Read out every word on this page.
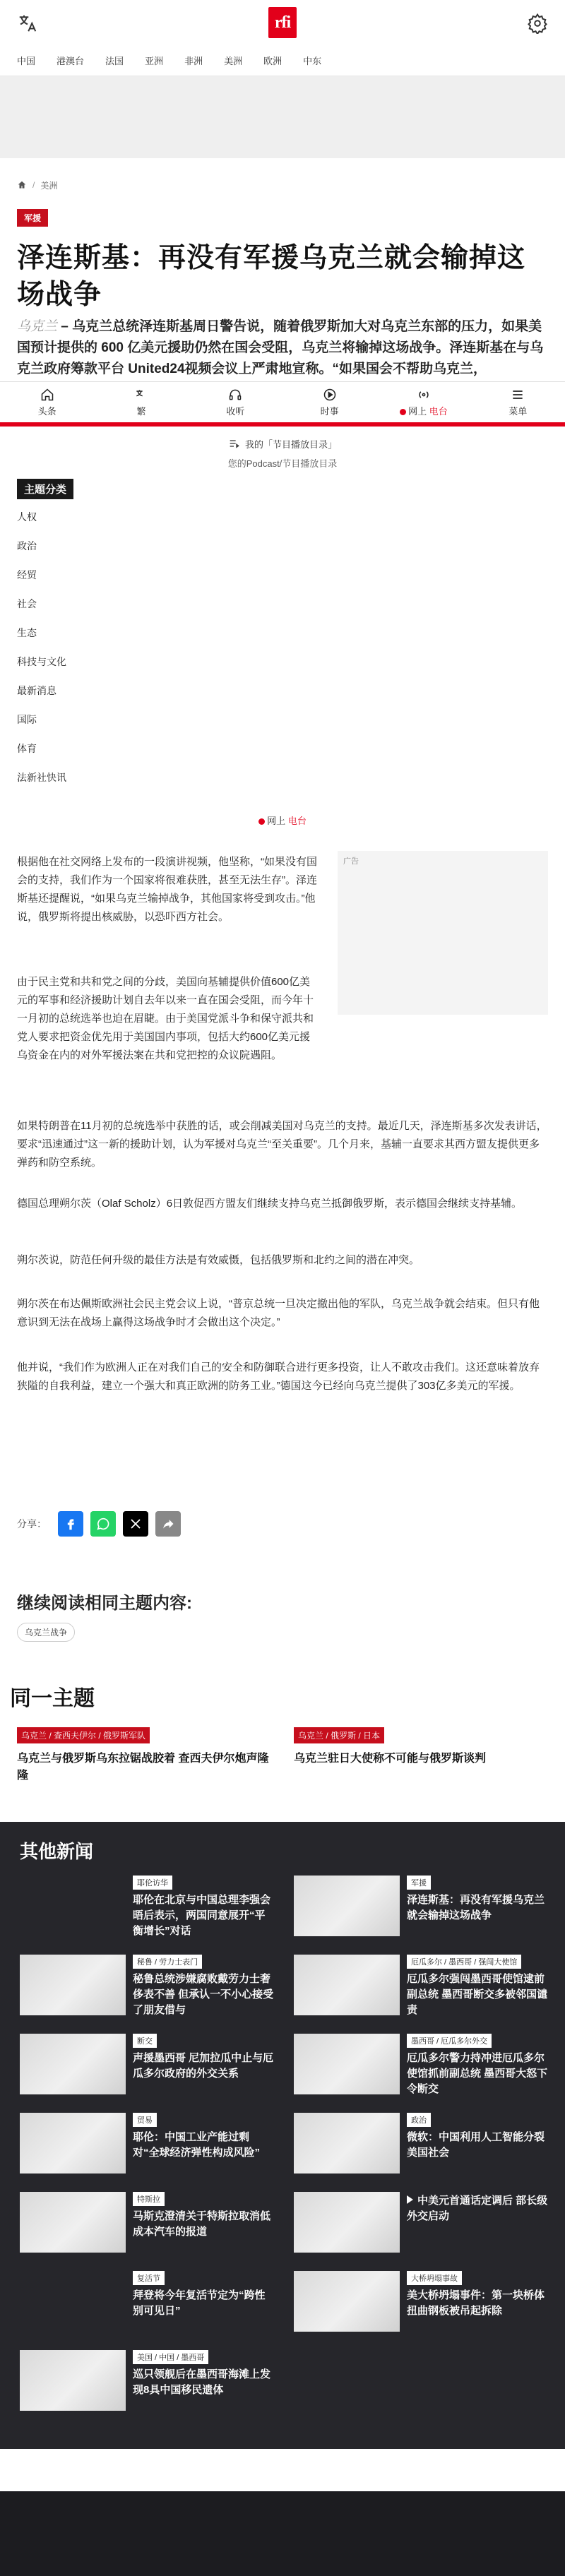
rfi
中国 港澳台 法国 亚洲 非洲 美洲 欧洲 中东
/ 美洲
军援
泽连斯基：再没有军援乌克兰就会输掉这场战争

乌克兰 – 乌克兰总统泽连斯基周日警告说，随着俄罗斯加大对乌克兰东部的压力，如果美国预计提供的 600 亿美元援助仍然在国会受阻，乌克兰将输掉这场战争。泽连斯基在与乌克兰政府筹款平台 United24视频会议上严肃地宣称。“如果国会不帮助乌克兰，

头条	繁	收听	时事	网上 电台	菜单
我的「节目播放目录」
您的Podcast/节目播放目录
主题分类
人权
政治
经贸
社会
生态
科技与文化
最新消息
国际
体育
法新社快讯
网上 电台

根据他在社交网络上发布的一段演讲视频，他坚称，“如果没有国会的支持，我们作为一个国家将很难获胜，甚至无法生存”。泽连斯基还提醒说，“如果乌克兰输掉战争，其他国家将受到攻击。”他说，俄罗斯将提出核威胁，以恐吓西方社会。

广告

由于民主党和共和党之间的分歧，美国向基辅提供价值600亿美元的军事和经济援助计划自去年以来一直在国会受阻，而今年十一月初的总统选举也迫在眉睫。由于美国党派斗争和保守派共和党人要求把资金优先用于美国国内事项，包括大约600亿美元援乌资金在内的对外军援法案在共和党把控的众议院遇阻。

如果特朗普在11月初的总统选举中获胜的话，或会削减美国对乌克兰的支持。最近几天，泽连斯基多次发表讲话，要求“迅速通过”这一新的援助计划，认为军援对乌克兰“至关重要”。几个月来，基辅一直要求其西方盟友提供更多弹药和防空系统。

德国总理朔尔茨（Olaf Scholz）6日敦促西方盟友们继续支持乌克兰抵御俄罗斯，表示德国会继续支持基辅。

朔尔茨说，防范任何升级的最佳方法是有效威慑，包括俄罗斯和北约之间的潜在冲突。

朔尔茨在布达佩斯欧洲社会民主党会议上说，“普京总统一旦决定撤出他的军队，乌克兰战争就会结束。但只有他意识到无法在战场上赢得这场战争时才会做出这个决定。”

他并说，“我们作为欧洲人正在对我们自己的安全和防御联合进行更多投资，让人不敢攻击我们。这还意味着放弃狭隘的自我利益，建立一个强大和真正欧洲的防务工业。”德国这今已经向乌克兰提供了303亿多美元的军援。

分享：
继续阅读相同主题内容:
乌克兰战争
同一主题
乌克兰 / 查西夫伊尔 / 俄罗斯军队
乌克兰与俄罗斯乌东拉锯战胶着 查西夫伊尔炮声隆隆
乌克兰 / 俄罗斯 / 日本
乌克兰驻日大使称不可能与俄罗斯谈判
其他新闻
耶伦访华
耶伦在北京与中国总理李强会晤后表示，两国同意展开“平衡增长”对话
军援
泽连斯基：再没有军援乌克兰就会输掉这场战争
秘鲁 / 劳力士表门
秘鲁总统涉嫌腐败戴劳力士奢侈表不善 但承认一不小心接受了朋友借与
厄瓜多尔 / 墨西哥 / 强闯大使馆
厄瓜多尔强闯墨西哥使馆逮前副总统 墨西哥断交多被邻国谴责
断交
声援墨西哥 尼加拉瓜中止与厄瓜多尔政府的外交关系
墨西哥 / 厄瓜多尔外交
厄瓜多尔警力持冲进厄瓜多尔使馆抓前副总统 墨西哥大怒下令断交
贸易
耶伦：中国工业产能过剩对“全球经济弹性构成风险”
政治
微软：中国利用人工智能分裂美国社会
特斯拉
马斯克澄清关于特斯拉取消低成本汽车的报道
中美元首通话定调后 部长级外交启动
复活节
拜登将今年复活节定为“跨性别可见日”
大桥坍塌事故
美大桥坍塌事件：第一块桥体扭曲钢板被吊起拆除
美国 / 中国 / 墨西哥
巡只领舰后在墨西哥海滩上发现8具中国移民遗体
